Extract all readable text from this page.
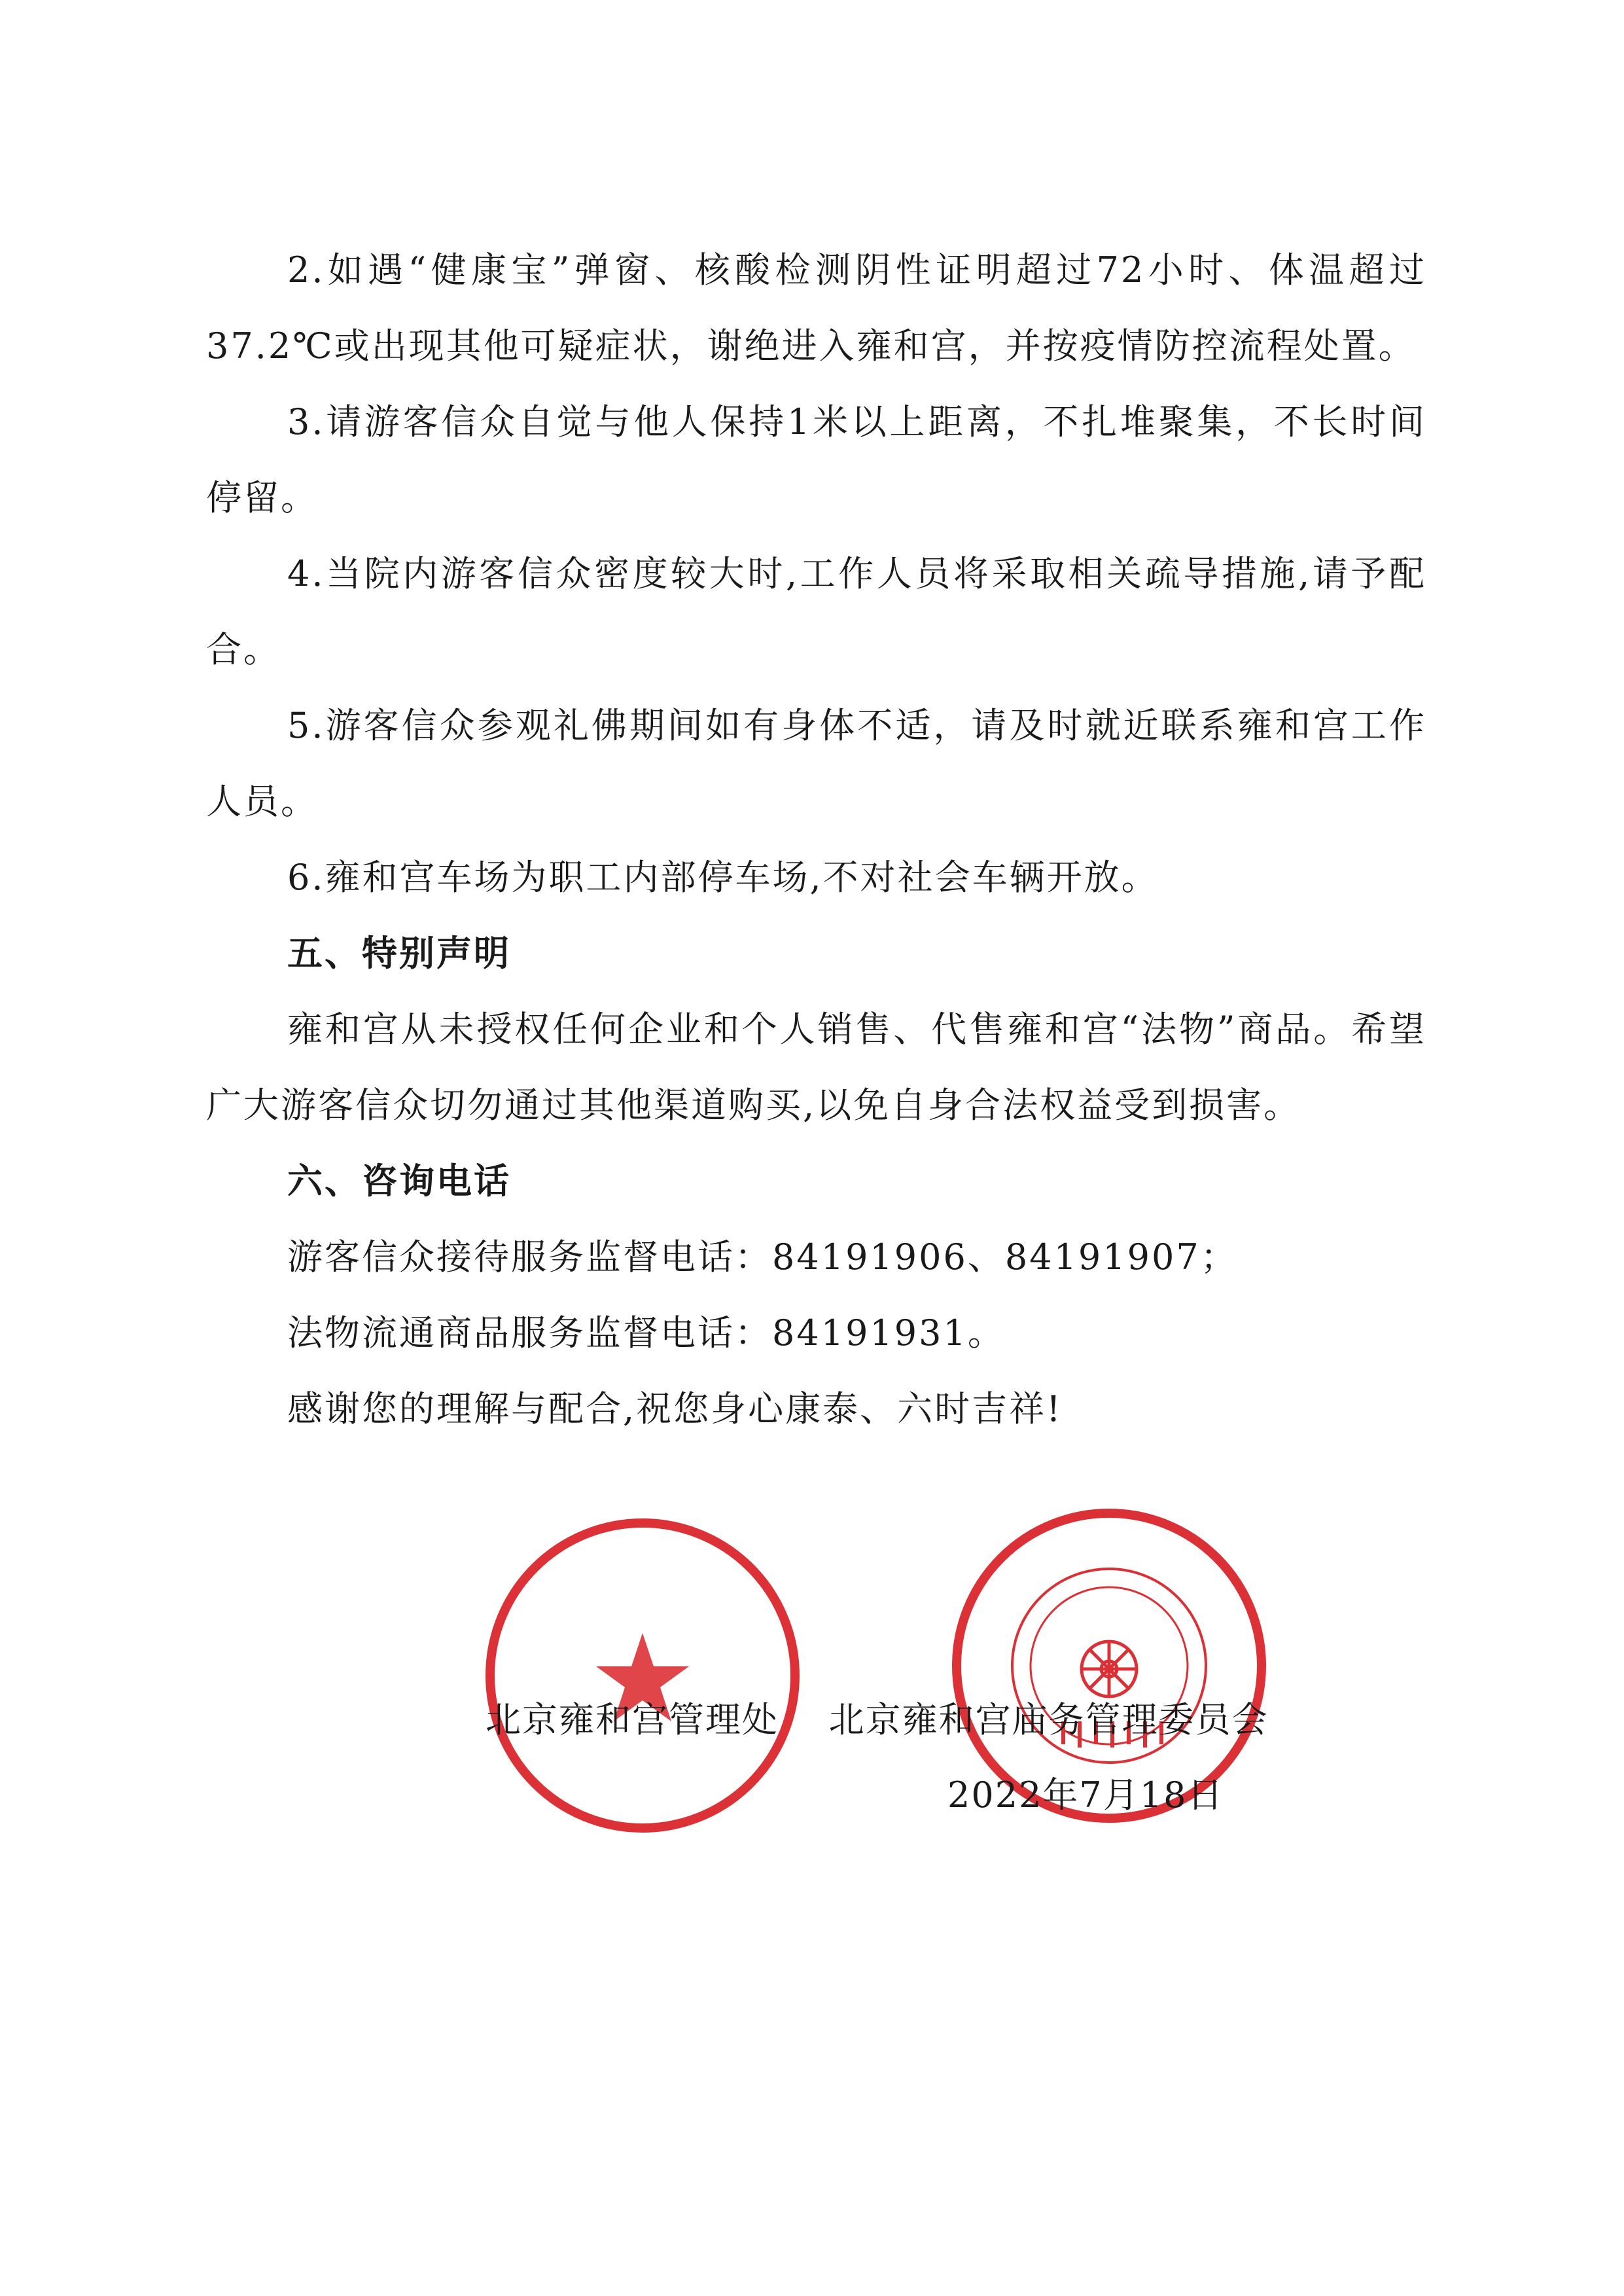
2.如遇“健康宝”弹窗、核酸检测阴性证明超过72小时、体温超过37.2℃或出现其他可疑症状，谢绝进入雍和宫，并按疫情防控流程处置。

3.请游客信众自觉与他人保持1米以上距离，不扎堆聚集，不长时间停留。

4.当院内游客信众密度较大时,工作人员将采取相关疏导措施,请予配合。

5.游客信众参观礼佛期间如有身体不适，请及时就近联系雍和宫工作人员。

6.雍和宫车场为职工内部停车场,不对社会车辆开放。

五、特别声明

雍和宫从未授权任何企业和个人销售、代售雍和宫“法物”商品。希望广大游客信众切勿通过其他渠道购买,以免自身合法权益受到损害。

六、咨询电话

游客信众接待服务监督电话：84191906、84191907；

法物流通商品服务监督电话：84191931。

感谢您的理解与配合,祝您身心康泰、六时吉祥!

北京雍和宫管理处    北京雍和宫庙务管理委员会
2022年7月18日
